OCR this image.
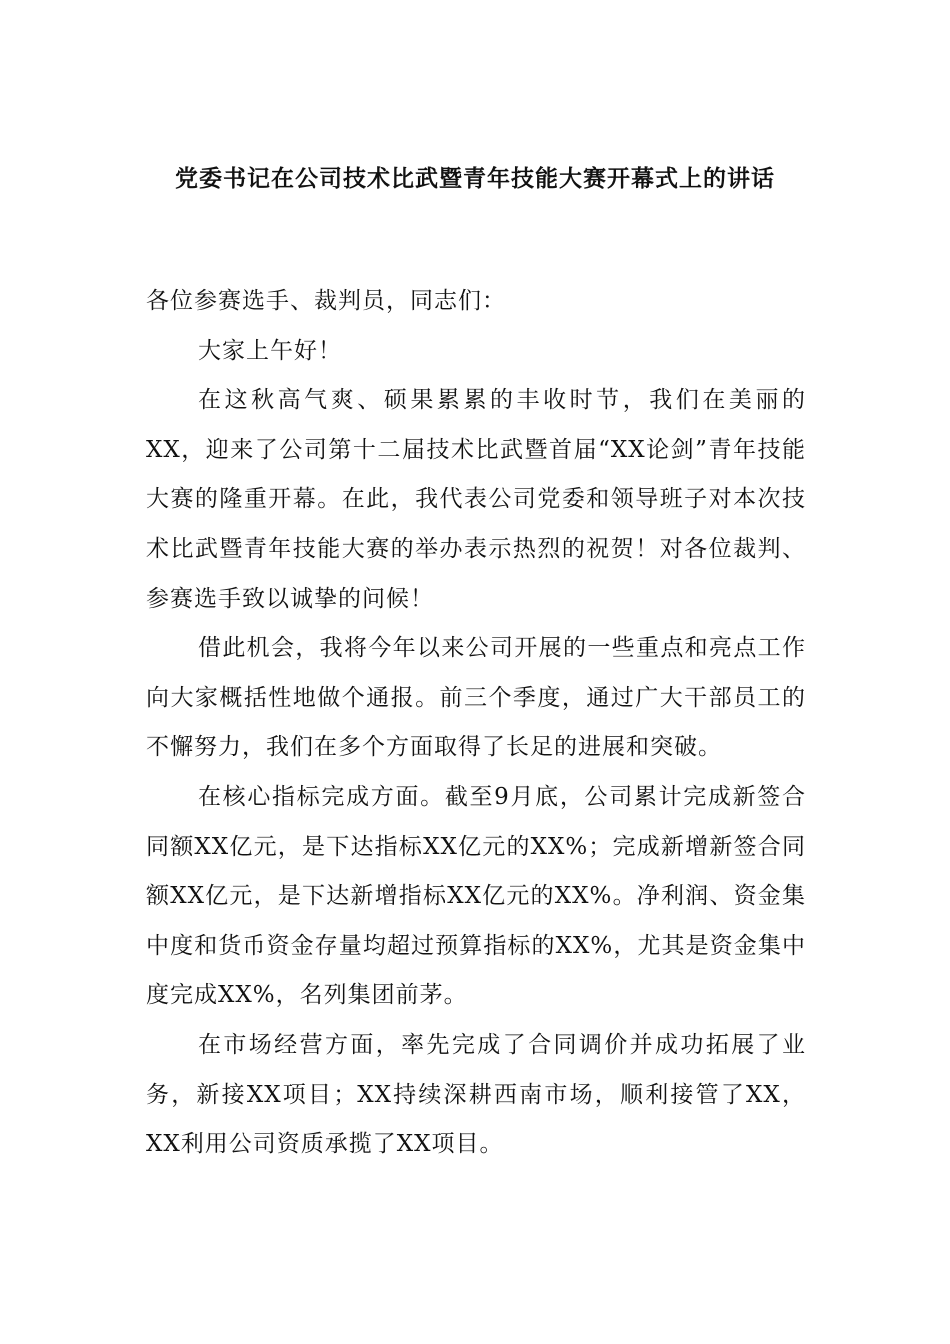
党委书记在公司技术比武暨青年技能大赛开幕式上的讲话

各位参赛选手、裁判员，同志们：

大家上午好！

在这秋高气爽、硕果累累的丰收时节，我们在美丽的XX，迎来了公司第十二届技术比武暨首届“XX论剑”青年技能大赛的隆重开幕。在此，我代表公司党委和领导班子对本次技术比武暨青年技能大赛的举办表示热烈的祝贺！对各位裁判、参赛选手致以诚挚的问候！

借此机会，我将今年以来公司开展的一些重点和亮点工作向大家概括性地做个通报。前三个季度，通过广大干部员工的不懈努力，我们在多个方面取得了长足的进展和突破。

在核心指标完成方面。截至9月底，公司累计完成新签合同额XX亿元，是下达指标XX亿元的XX%；完成新增新签合同额XX亿元，是下达新增指标XX亿元的XX%。净利润、资金集中度和货币资金存量均超过预算指标的XX%，尤其是资金集中度完成XX%，名列集团前茅。

在市场经营方面，率先完成了合同调价并成功拓展了业务，新接XX项目；XX持续深耕西南市场，顺利接管了XX，XX利用公司资质承揽了XX项目。
